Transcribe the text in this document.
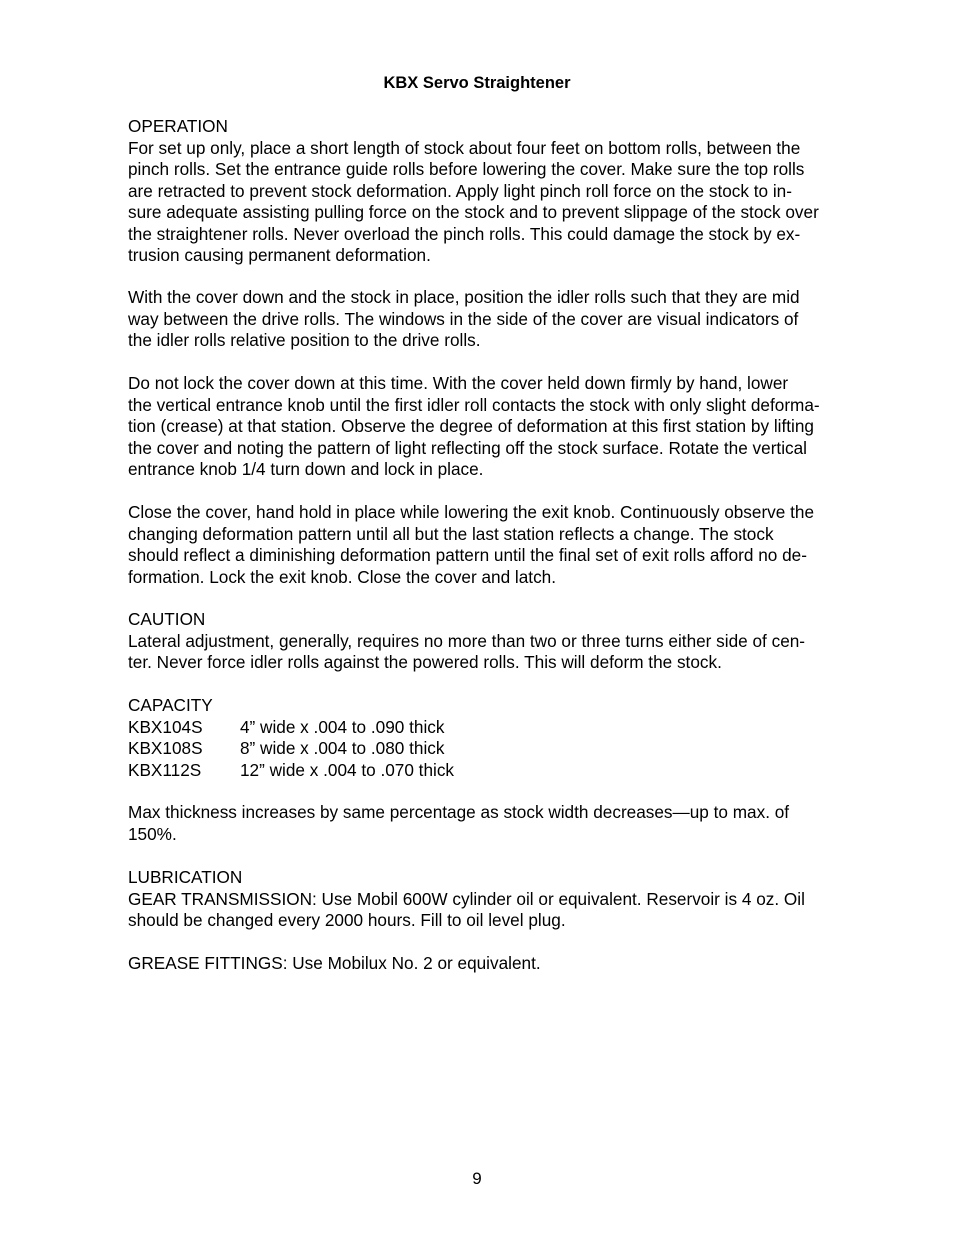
KBX Servo Straightener
OPERATION
For set up only, place a short length of stock about four feet on bottom rolls, between the
pinch rolls. Set the entrance guide rolls before lowering the cover. Make sure the top rolls
are retracted to prevent stock deformation. Apply light pinch roll force on the stock to in-
sure adequate assisting pulling force on the stock and to prevent slippage of the stock over
the straightener rolls. Never overload the pinch rolls. This could damage the stock by ex-
trusion causing permanent deformation.
With the cover down and the stock in place, position the idler rolls such that they are mid
way between the drive rolls. The windows in the side of the cover are visual indicators of
the idler rolls relative position to the drive rolls.
Do not lock the cover down at this time. With the cover held down firmly by hand, lower
the vertical entrance knob until the first idler roll contacts the stock with only slight deforma-
tion (crease) at that station. Observe the degree of deformation at this first station by lifting
the cover and noting the pattern of light reflecting off the stock surface. Rotate the vertical
entrance knob 1/4 turn down and lock in place.
Close the cover, hand hold in place while lowering the exit knob. Continuously observe the
changing deformation pattern until all but the last station reflects a change. The stock
should reflect a diminishing deformation pattern until the final set of exit rolls afford no de-
formation. Lock the exit knob. Close the cover and latch.
CAUTION
Lateral adjustment, generally, requires no more than two or three turns either side of cen-
ter. Never force idler rolls against the powered rolls. This will deform the stock.
CAPACITY
KBX104S	4” wide x .004 to .090 thick
KBX108S	8” wide x .004 to .080 thick
KBX112S	12” wide x .004 to .070 thick
Max thickness increases by same percentage as stock width decreases—up to max. of
150%.
LUBRICATION
GEAR TRANSMISSION: Use Mobil 600W cylinder oil or equivalent. Reservoir is 4 oz. Oil
should be changed every 2000 hours. Fill to oil level plug.
GREASE FITTINGS: Use Mobilux No. 2 or equivalent.
9
